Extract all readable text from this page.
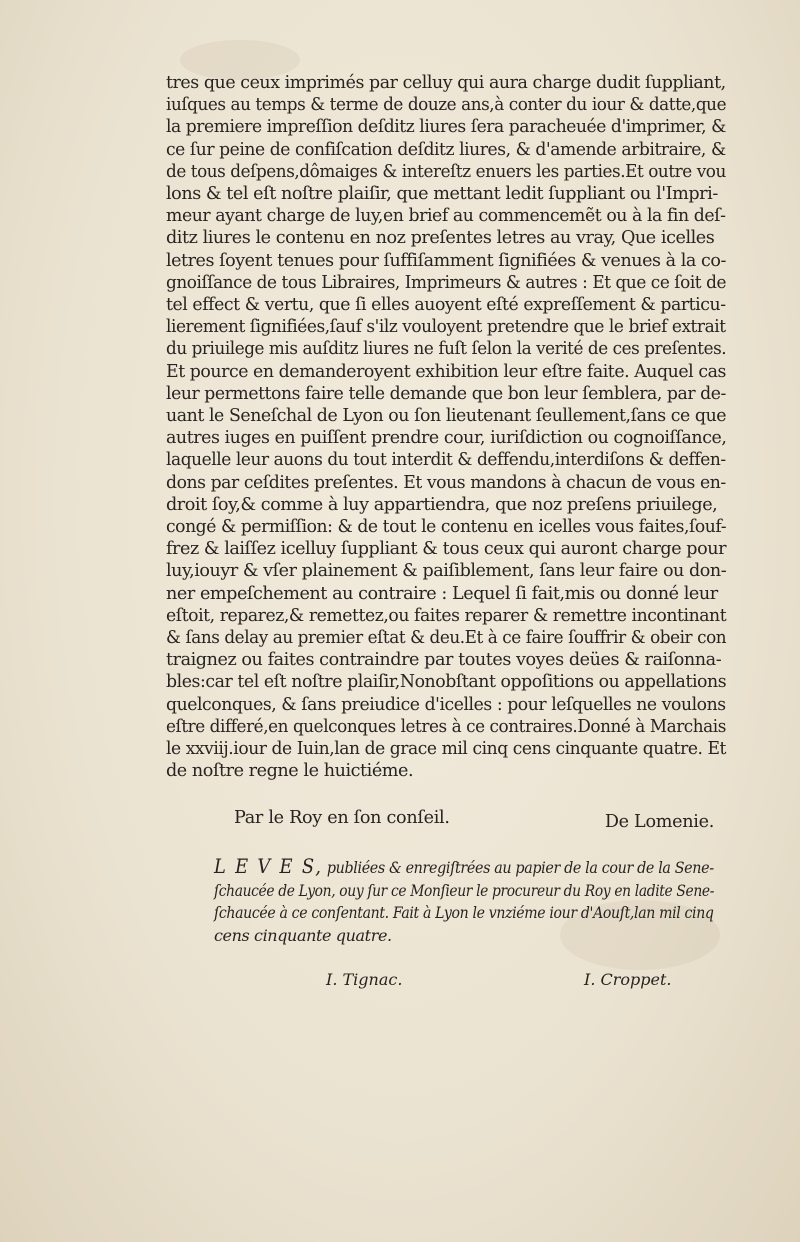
tres que ceux imprimés par celluy qui aura charge dudit ſuppliant,
iuſques au temps & terme de douze ans,à conter du iour & datte,que
la premiere impreſſion deſditz liures ſera paracheuée d'imprimer, &
ce ſur peine de confiſcation deſditz liures, & d'amende arbitraire, &
de tous deſpens,dômaiges & intereſtz enuers les parties.Et outre vou
lons & tel eſt noſtre plaiſir, que mettant ledit ſuppliant ou l'Impri-
meur ayant charge de luy,en brief au commencemẽt ou à la fin deſ-
ditz liures le contenu en noz preſentes letres au vray, Que icelles
letres ſoyent tenues pour ſuffiſamment ſignifiées & venues à la co-
gnoiſſance de tous Libraires, Imprimeurs & autres : Et que ce ſoit de
tel effect & vertu, que ſi elles auoyent eſté expreſſement & particu-
lierement ſignifiées,ſauf s'ilz vouloyent pretendre que le brief extrait
du priuilege mis auſditz liures ne fuſt ſelon la verité de ces preſentes.
Et pource en demanderoyent exhibition leur eſtre faite. Auquel cas
leur permettons faire telle demande que bon leur ſemblera, par de-
uant le Seneſchal de Lyon ou ſon lieutenant ſeullement,ſans ce que
autres iuges en puiſſent prendre cour, iuriſdiction ou cognoiſſance,
laquelle leur auons du tout interdit & deffendu,interdiſons & deffen-
dons par ceſdites preſentes. Et vous mandons à chacun de vous en-
droit ſoy,& comme à luy appartiendra, que noz preſens priuilege,
congé & permiſſion: & de tout le contenu en icelles vous faites,ſouf-
frez & laiſſez icelluy ſuppliant & tous ceux qui auront charge pour
luy,iouyr & vſer plainement & paiſiblement, ſans leur faire ou don-
ner empeſchement au contraire : Lequel ſi fait,mis ou donné leur
eſtoit, reparez,& remettez,ou faites reparer & remettre incontinant
& ſans delay au premier eſtat & deu.Et à ce faire ſouffrir & obeir con
traignez ou faites contraindre par toutes voyes deües & raiſonna-
bles:car tel eſt noſtre plaiſir,Nonobſtant oppoſitions ou appellations
quelconques, & ſans preiudice d'icelles : pour leſquelles ne voulons
eſtre differé,en quelconques letres à ce contraires.Donné à Marchais
le xxviij.iour de Iuin,lan de grace mil cinq cens cinquante quatre. Et
de noſtre regne le huictiéme.
Par le Roy en ſon conſeil.	De Lomenie.
L E V E S, publiées & enregiſtrées au papier de la cour de la Sene-
ſchaucée de Lyon, ouy ſur ce Monſieur le procureur du Roy en ladite Sene-
ſchaucée à ce conſentant. Fait à Lyon le vnziéme iour d'Aouſt,lan mil cinq
cens cinquante quatre.
I. Tignac.	I. Croppet.
